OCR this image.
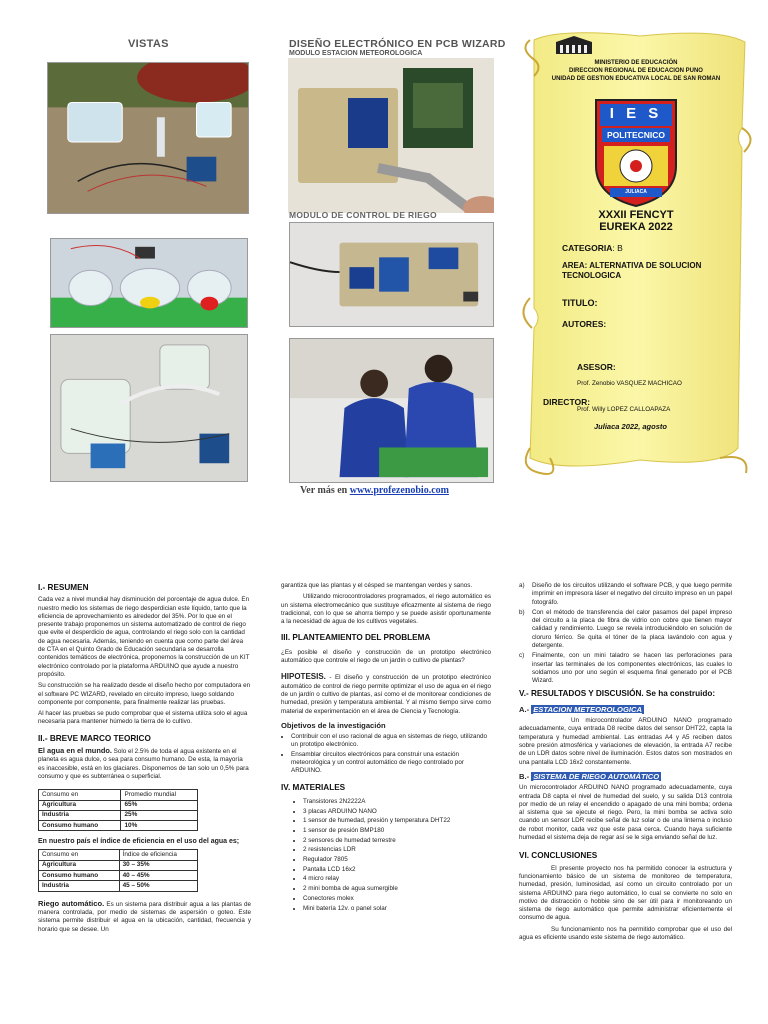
VISTAS	DISEÑO ELECTRÓNICO EN PCB WIZARD
MODULO ESTACION METEOROLOGICA
MODULO DE CONTROL DE RIEGO
Ver más en www.profezenobio.com
MINISTERIO DE EDUCACIÓN
DIRECCION REGIONAL DE EDUCACION PUNO
UNIDAD DE GESTION EDUCATIVA LOCAL DE SAN ROMAN
I E S
POLITECNICO
JULIACA
XXXII FENCYT
EUREKA 2022
CATEGORIA: B
AREA: ALTERNATIVA DE SOLUCION TECNOLOGICA
TITULO:
AUTORES:
ASESOR:
Prof. Zenobio VASQUEZ MACHICAO
DIRECTOR:
Prof. Willy LOPEZ CALLOAPAZA
Juliaca 2022, agosto
I.- RESUMEN

Cada vez a nivel mundial hay disminución del porcentaje de agua dulce. En nuestro medio los sistemas de riego desperdician este líquido, tanto que la eficiencia de aprovechamiento es alrededor del 35%. Por lo que en el presente trabajo proponemos un sistema automatizado de control de riego que evite el desperdicio de agua, controlando el riego solo con la cantidad de agua necesaria. Además, teniendo en cuenta que como parte del área de CTA en el Quinto Grado de Educación secundaria se desarrolla contenidos temáticos de electrónica, proponemos la construcción de un KIT electrónico controlado por la plataforma ARDUINO que ayude a nuestro propósito.

Su construcción se ha realizado desde el diseño hecho por computadora en el software PC WIZARD, revelado en circuito impreso, luego soldando componente por componente, para finalmente realizar las pruebas.

Al hacer las pruebas se pudo comprobar que el sistema utiliza solo el agua necesaria para mantener húmedo la tierra de lo cultivo.

II.- BREVE MARCO TEORICO

El agua en el mundo. Solo el 2.5% de toda el agua existente en el planeta es agua dulce, o sea para consumo humano. De esta, la mayoría es inaccesible, está en los glaciares. Disponemos de tan solo un 0,5% para consumo y que es subterránea o superficial.

Consumo en	Promedio mundial
Agricultura	65%
Industria	25%
Consumo humano	10%

En nuestro país el índice de eficiencia en el uso del agua es;

Consumo en	Índice de eficiencia
Agricultura	30 – 35%
Consumo humano	40 – 45%
Industria	45 – 50%

Riego automático. Es un sistema para distribuir agua a las plantas de manera controlada, por medio de sistemas de aspersión o goteo. Este sistema permite distribuir el agua en la ubicación, cantidad, frecuencia y horario que se desee. Un

garantiza que las plantas y el césped se mantengan verdes y sanos.

Utilizando microcontroladores programados, el riego automático es un sistema electromecánico que sustituye eficazmente al sistema de riego tradicional, con lo que se ahorra tiempo y se puede asistir oportunamente a la necesidad de agua de los cultivos vegetales.

III. PLANTEAMIENTO DEL PROBLEMA

¿Es posible el diseño y construcción de un prototipo electrónico automático que controle el riego de un jardín o cultivo de plantas?

HIPOTESIS. - El diseño y construcción de un prototipo electrónico automático de control de riego permite optimizar el uso de agua en el riego de un jardín o cultivo de plantas, así como el de monitorear condiciones de humedad, presión y temperatura ambiental. Y al mismo tiempo sirve como material de experimentación en el área de Ciencia y Tecnología.

Objetivos de la investigación
• Contribuir con el uso racional de agua en sistemas de riego, utilizando un prototipo electrónico.
• Ensamblar circuitos electrónicos para construir una estación meteorológica y un control automático de riego controlado por ARDUINO.
IV. MATERIALES
• Transistores 2N2222A
• 3 placas ARDUINO NANO
• 1 sensor de humedad, presión y temperatura DHT22
• 1 sensor de presión BMP180
• 2 sensores de humedad terrestre
• 2 resistencias LDR
• Regulador 7805
• Pantalla LCD 16x2
• 4 micro relay
• 2 mini bomba de agua sumergible
• Conectores molex
• Mini batería 12v. o panel solar
a)	Diseño de los circuitos utilizando el software PCB, y que luego permite imprimir en impresora láser el negativo del circuito impreso en un papel fotográfo.
b)	Con el método de transferencia del calor pasamos del papel impreso del circuito a la placa de fibra de vidrio con cobre que tienen mayor calidad y rendimiento. Luego se revela introduciéndolo en solución de cloruro férrico. Se quita el tóner de la placa lavándolo con agua y detergente.
c)	Finalmente, con un mini taladro se hacen las perforaciones para insertar las terminales de los componentes electrónicos, las cuales lo soldamos uno por uno según el esquema final generado por el PCB Wizard.
V.- RESULTADOS Y DISCUSIÓN. Se ha construido:
A.- ESTACION METEOROLOGICA

Un microcontrolador ARDUINO NANO programado adecuadamente, cuya entrada D8 recibe datos del sensor DHT22, capta la temperatura y humedad ambiental. Las entradas A4 y A5 reciben datos sobre presión atmosférica y variaciones de elevación, la entrada A7 recibe de un LDR datos sobre nivel de iluminación. Estos datos son mostrados en una pantalla LCD 16x2 constantemente.

B.- SISTEMA DE RIEGO AUTOMÁTICO

Un microcontrolador ARDUINO NANO programado adecuadamente, cuya entrada D8 capta el nivel de humedad del suelo, y su salida D13 controla por medio de un relay el encendido o apagado de una mini bomba; ordena al sistema que se ejecute el riego. Pero, la mini bomba se activa solo cuando un sensor LDR recibe señal de luz solar o de una linterna o incluso de robot monitor, cada vez que este pasa cerca. Cuando haya suficiente humedad el sistema deja de regar así se le siga enviando señal de luz.

VI. CONCLUSIONES

El presente proyecto nos ha permitido conocer la estructura y funcionamiento básico de un sistema de monitoreo de temperatura, humedad, presión, luminosidad, así como un circuito controlado por un sistema ARDUINO para riego automático, lo cual se convierte no solo en motivo de distracción o hobbie sino de ser útil para ir monitoreando un sistema de riego automático que permite administrar eficientemente el consumo de agua.

Su funcionamiento nos ha permitido comprobar que el uso del agua es eficiente usando este sistema de riego automático.
